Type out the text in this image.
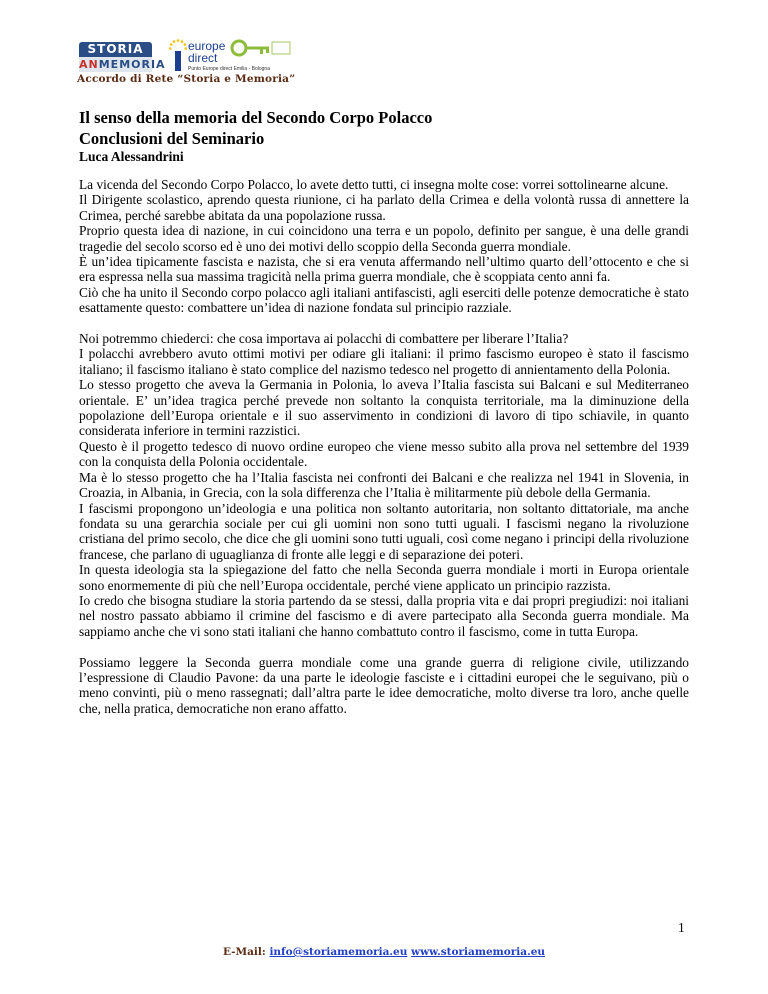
STORIA
ANMEMORIA
europe
direct
Punto Europe direct Emilia - Bologna
Accordo di Rete “Storia e Memoria”
Il senso della memoria del Secondo Corpo Polacco
Conclusioni del Seminario
Luca Alessandrini

La vicenda del Secondo Corpo Polacco, lo avete detto tutti, ci insegna molte cose: vorrei sottolinearne alcune.

Il Dirigente scolastico, aprendo questa riunione, ci ha parlato della Crimea e della volontà russa di annettere la Crimea, perché sarebbe abitata da una popolazione russa.

Proprio questa idea di nazione, in cui coincidono una terra e un popolo, definito per sangue, è una delle grandi tragedie del secolo scorso ed è uno dei motivi dello scoppio della Seconda guerra mondiale.

È un’idea tipicamente fascista e nazista, che si era venuta affermando nell’ultimo quarto dell’ottocento e che si era espressa nella sua massima tragicità nella prima guerra mondiale, che è scoppiata cento anni fa.

Ciò che ha unito il Secondo corpo polacco agli italiani antifascisti, agli eserciti delle potenze democratiche è stato esattamente questo: combattere un’idea di nazione fondata sul principio razziale.

Noi potremmo chiederci: che cosa importava ai polacchi di combattere per liberare l’Italia?

I polacchi avrebbero avuto ottimi motivi per odiare gli italiani: il primo fascismo europeo è stato il fascismo italiano; il fascismo italiano è stato complice del nazismo tedesco nel progetto di annientamento della Polonia.

Lo stesso progetto che aveva la Germania in Polonia, lo aveva l’Italia fascista sui Balcani e sul Mediterraneo orientale. E’ un’idea tragica perché prevede non soltanto la conquista territoriale, ma la diminuzione della popolazione dell’Europa orientale e il suo asservimento in condizioni di lavoro di tipo schiavile, in quanto considerata inferiore in termini razzistici.

Questo è il progetto tedesco di nuovo ordine europeo che viene messo subito alla prova nel settembre del 1939 con la conquista della Polonia occidentale.

Ma è lo stesso progetto che ha l’Italia fascista nei confronti dei Balcani e che realizza nel 1941 in Slovenia, in Croazia, in Albania, in Grecia, con la sola differenza che l’Italia è militarmente più debole della Germania.

I fascismi propongono un’ideologia e una politica non soltanto autoritaria, non soltanto dittatoriale, ma anche fondata su una gerarchia sociale per cui gli uomini non sono tutti uguali. I fascismi negano la rivoluzione cristiana del primo secolo, che dice che gli uomini sono tutti uguali, così come negano i principi della rivoluzione francese, che parlano di uguaglianza di fronte alle leggi e di separazione dei poteri.

In questa ideologia sta la spiegazione del fatto che nella Seconda guerra mondiale i morti in Europa orientale sono enormemente di più che nell’Europa occidentale, perché viene applicato un principio razzista.

Io credo che bisogna studiare la storia partendo da se stessi, dalla propria vita e dai propri pregiudizi: noi italiani nel nostro passato abbiamo il crimine del fascismo e di avere partecipato alla Seconda guerra mondiale. Ma sappiamo anche che vi sono stati italiani che hanno combattuto contro il fascismo, come in tutta Europa.

Possiamo leggere la Seconda guerra mondiale come una grande guerra di religione civile, utilizzando l’espressione di Claudio Pavone: da una parte le ideologie fasciste e i cittadini europei che le seguivano, più o meno convinti, più o meno rassegnati; dall’altra parte le idee democratiche, molto diverse tra loro, anche quelle che, nella pratica, democratiche non erano affatto.

1
E-Mail: info@storiamemoria.eu www.storiamemoria.eu
